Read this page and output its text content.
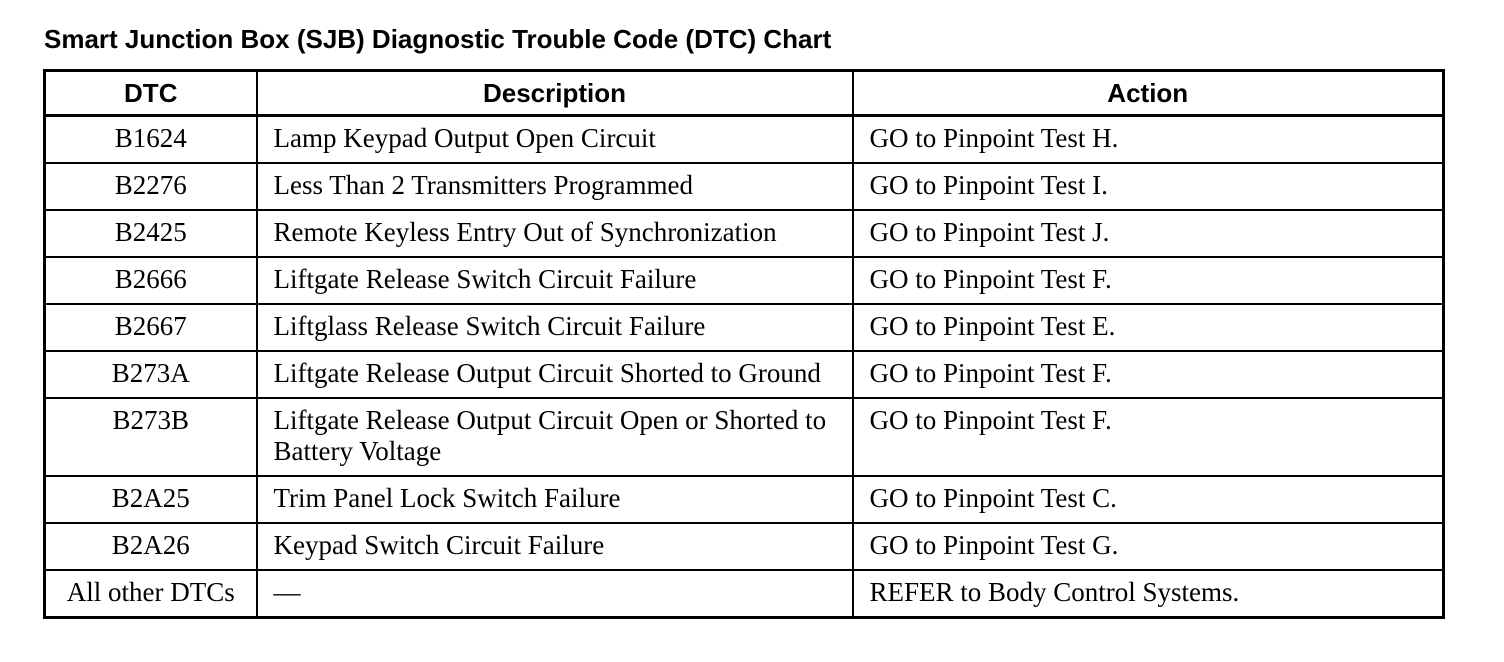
Smart Junction Box (SJB) Diagnostic Trouble Code (DTC) Chart
DTC	Description	Action
B1624	Lamp Keypad Output Open Circuit	GO to Pinpoint Test H.
B2276	Less Than 2 Transmitters Programmed	GO to Pinpoint Test I.
B2425	Remote Keyless Entry Out of Synchronization	GO to Pinpoint Test J.
B2666	Liftgate Release Switch Circuit Failure	GO to Pinpoint Test F.
B2667	Liftglass Release Switch Circuit Failure	GO to Pinpoint Test E.
B273A	Liftgate Release Output Circuit Shorted to Ground	GO to Pinpoint Test F.
B273B	Liftgate Release Output Circuit Open or Shorted to Battery Voltage	GO to Pinpoint Test F.
B2A25	Trim Panel Lock Switch Failure	GO to Pinpoint Test C.
B2A26	Keypad Switch Circuit Failure	GO to Pinpoint Test G.
All other DTCs	—	REFER to Body Control Systems.
